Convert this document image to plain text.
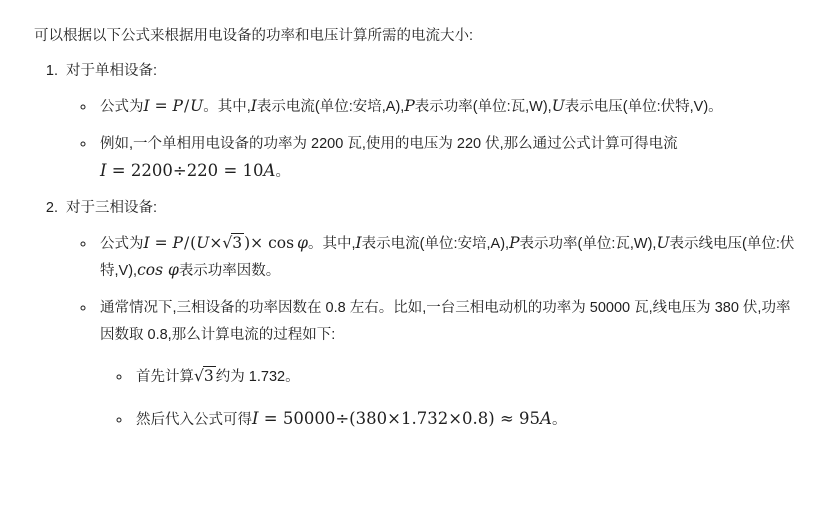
可以根据以下公式来根据用电设备的功率和电压计算所需的电流大小:

1. 对于单相设备:
◦ 公式为I = P/U。其中,I表示电流(单位:安培,A),P表示功率(单位:瓦,W),U表示电压(单位:伏特,V)。
◦ 例如,一个单相用电设备的功率为 2200 瓦,使用的电压为 220 伏,那么通过公式计算可得电流 I = 2200÷220 = 10A。
2. 对于三相设备:
◦ 公式为I = P/(U×√3 )× cos  φ。其中,I表示电流(单位:安培,A),P表示功率(单位:瓦,W),U表示线电压(单位:伏特,V),cos φ表示功率因数。
◦ 通常情况下,三相设备的功率因数在 0.8 左右。比如,一台三相电动机的功率为 50000 瓦,线电压为 380 伏,功率因数取 0.8,那么计算电流的过程如下:
◦ 首先计算√3 约为 1.732。
◦ 然后代入公式可得I = 50000÷(380×1.732×0.8) ≈ 95A。
